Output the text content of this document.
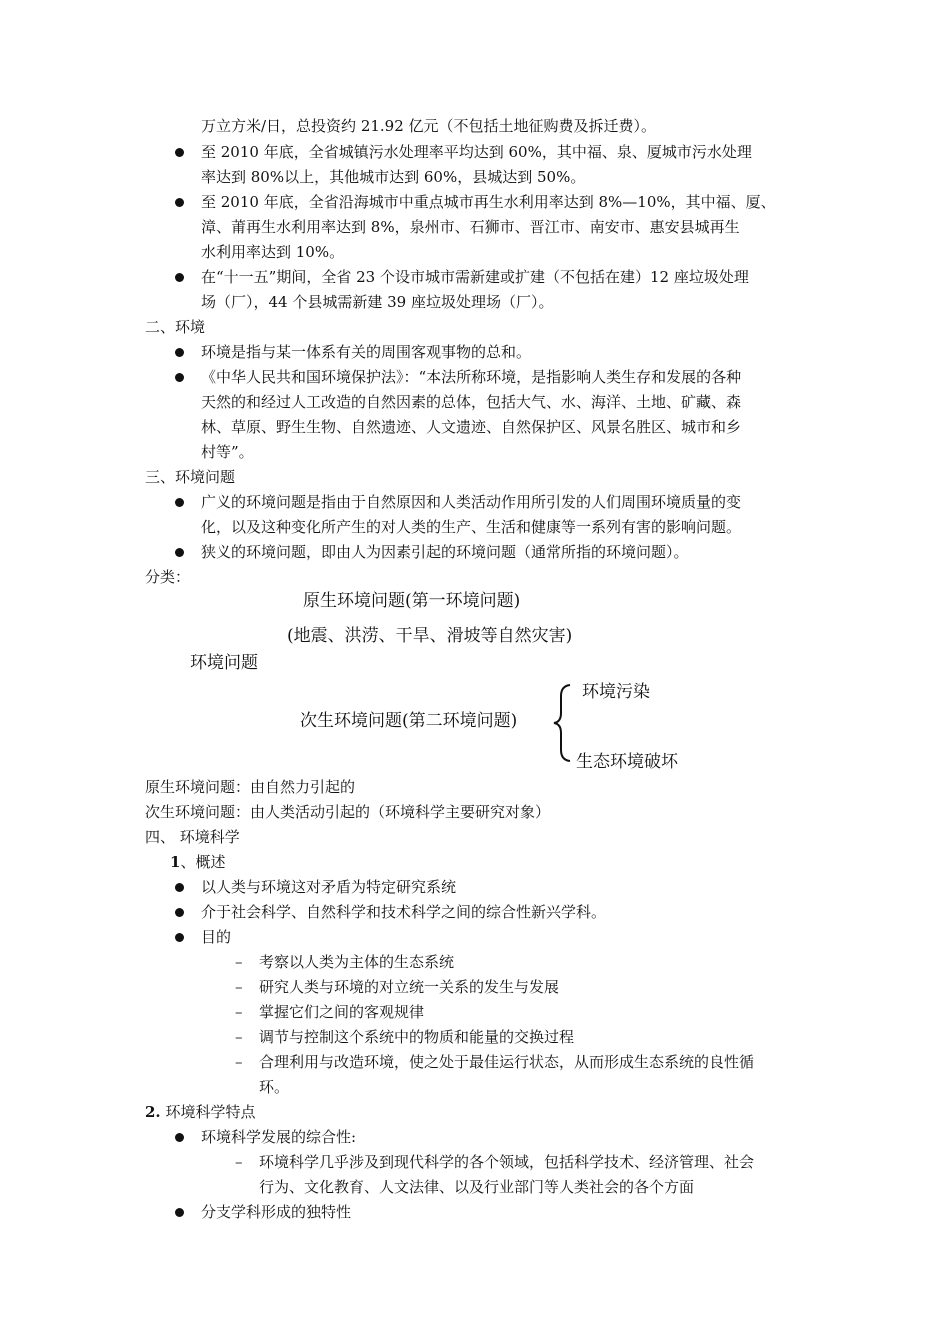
万立方米/日，总投资约 21.92 亿元（不包括土地征购费及拆迁费）。
至 2010 年底，全省城镇污水处理率平均达到 60%，其中福、泉、厦城市污水处理
率达到 80%以上，其他城市达到 60%，县城达到 50%。
至 2010 年底，全省沿海城市中重点城市再生水利用率达到 8%—10%，其中福、厦、
漳、莆再生水利用率达到 8%，泉州市、石狮市、晋江市、南安市、惠安县城再生
水利用率达到 10%。
在“十一五”期间，全省 23 个设市城市需新建或扩建（不包括在建）12 座垃圾处理
场（厂），44 个县城需新建 39 座垃圾处理场（厂）。
二、环境
环境是指与某一体系有关的周围客观事物的总和。
《中华人民共和国环境保护法》：“本法所称环境，是指影响人类生存和发展的各种
天然的和经过人工改造的自然因素的总体，包括大气、水、海洋、土地、矿藏、森
林、草原、野生生物、自然遗迹、人文遗迹、自然保护区、风景名胜区、城市和乡
村等”。
三、环境问题
广义的环境问题是指由于自然原因和人类活动作用所引发的人们周围环境质量的变
化，以及这种变化所产生的对人类的生产、生活和健康等一系列有害的影响问题。
狭义的环境问题，即由人为因素引起的环境问题（通常所指的环境问题）。
分类：
原生环境问题(第一环境问题)
(地震、洪涝、干旱、滑坡等自然灾害)
环境问题
次生环境问题(第二环境问题)
环境污染
生态环境破坏
原生环境问题：由自然力引起的
次生环境问题：由人类活动引起的（环境科学主要研究对象）
四、 环境科学
1、概述
以人类与环境这对矛盾为特定研究系统
介于社会科学、自然科学和技术科学之间的综合性新兴学科。
目的
– 考察以人类为主体的生态系统
– 研究人类与环境的对立统一关系的发生与发展
– 掌握它们之间的客观规律
– 调节与控制这个系统中的物质和能量的交换过程
– 合理利用与改造环境，使之处于最佳运行状态，从而形成生态系统的良性循
环。
2. 环境科学特点
环境科学发展的综合性:
– 环境科学几乎涉及到现代科学的各个领域，包括科学技术、经济管理、社会
行为、文化教育、人文法律、以及行业部门等人类社会的各个方面
分支学科形成的独特性
